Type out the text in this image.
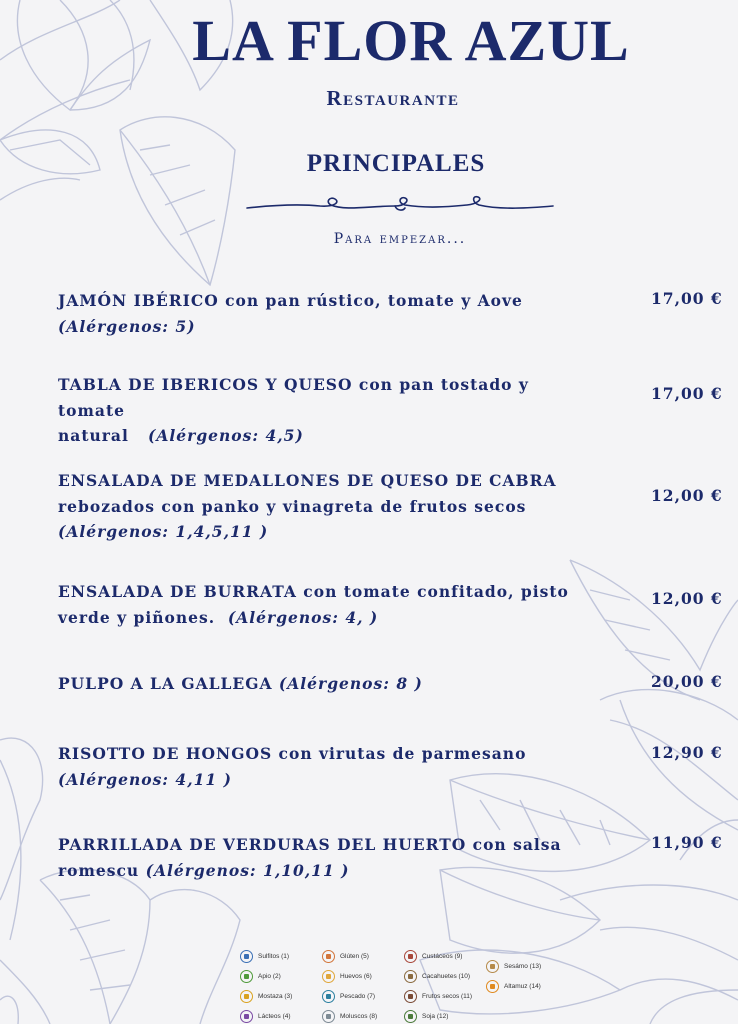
LA FLOR AZUL
Restaurante
PRINCIPALES
Para empezar...
JAMÓN IBÉRICO con pan rústico, tomate y Aove
(Alérgenos: 5)
17,00 €
TABLA DE IBERICOS Y QUESO con pan tostado y tomate
natural (Alérgenos: 4,5)
17,00 €
ENSALADA DE MEDALLONES DE QUESO DE CABRA
rebozados con panko y vinagreta de frutos secos
(Alérgenos: 1,4,5,11 )
12,00 €
ENSALADA DE BURRATA con tomate confitado, pisto
verde y piñones. (Alérgenos: 4, )
12,00 €
PULPO A LA GALLEGA (Alérgenos: 8 )	20,00 €
RISOTTO DE HONGOS con virutas de parmesano
(Alérgenos: 4,11 )
12,90 €
PARRILLADA DE VERDURAS DEL HUERTO con salsa
romescu (Alérgenos: 1,10,11 )
11,90 €
Sulfitos (1)
Apio (2)
Mostaza (3)
Lácteos (4)
Glúten (5)
Huevos (6)
Pescado (7)
Moluscos (8)
Custáceos (9)
Cacahuetes (10)
Frutos secos (11)
Soja (12)
Sesámo (13)
Altamuz (14)
